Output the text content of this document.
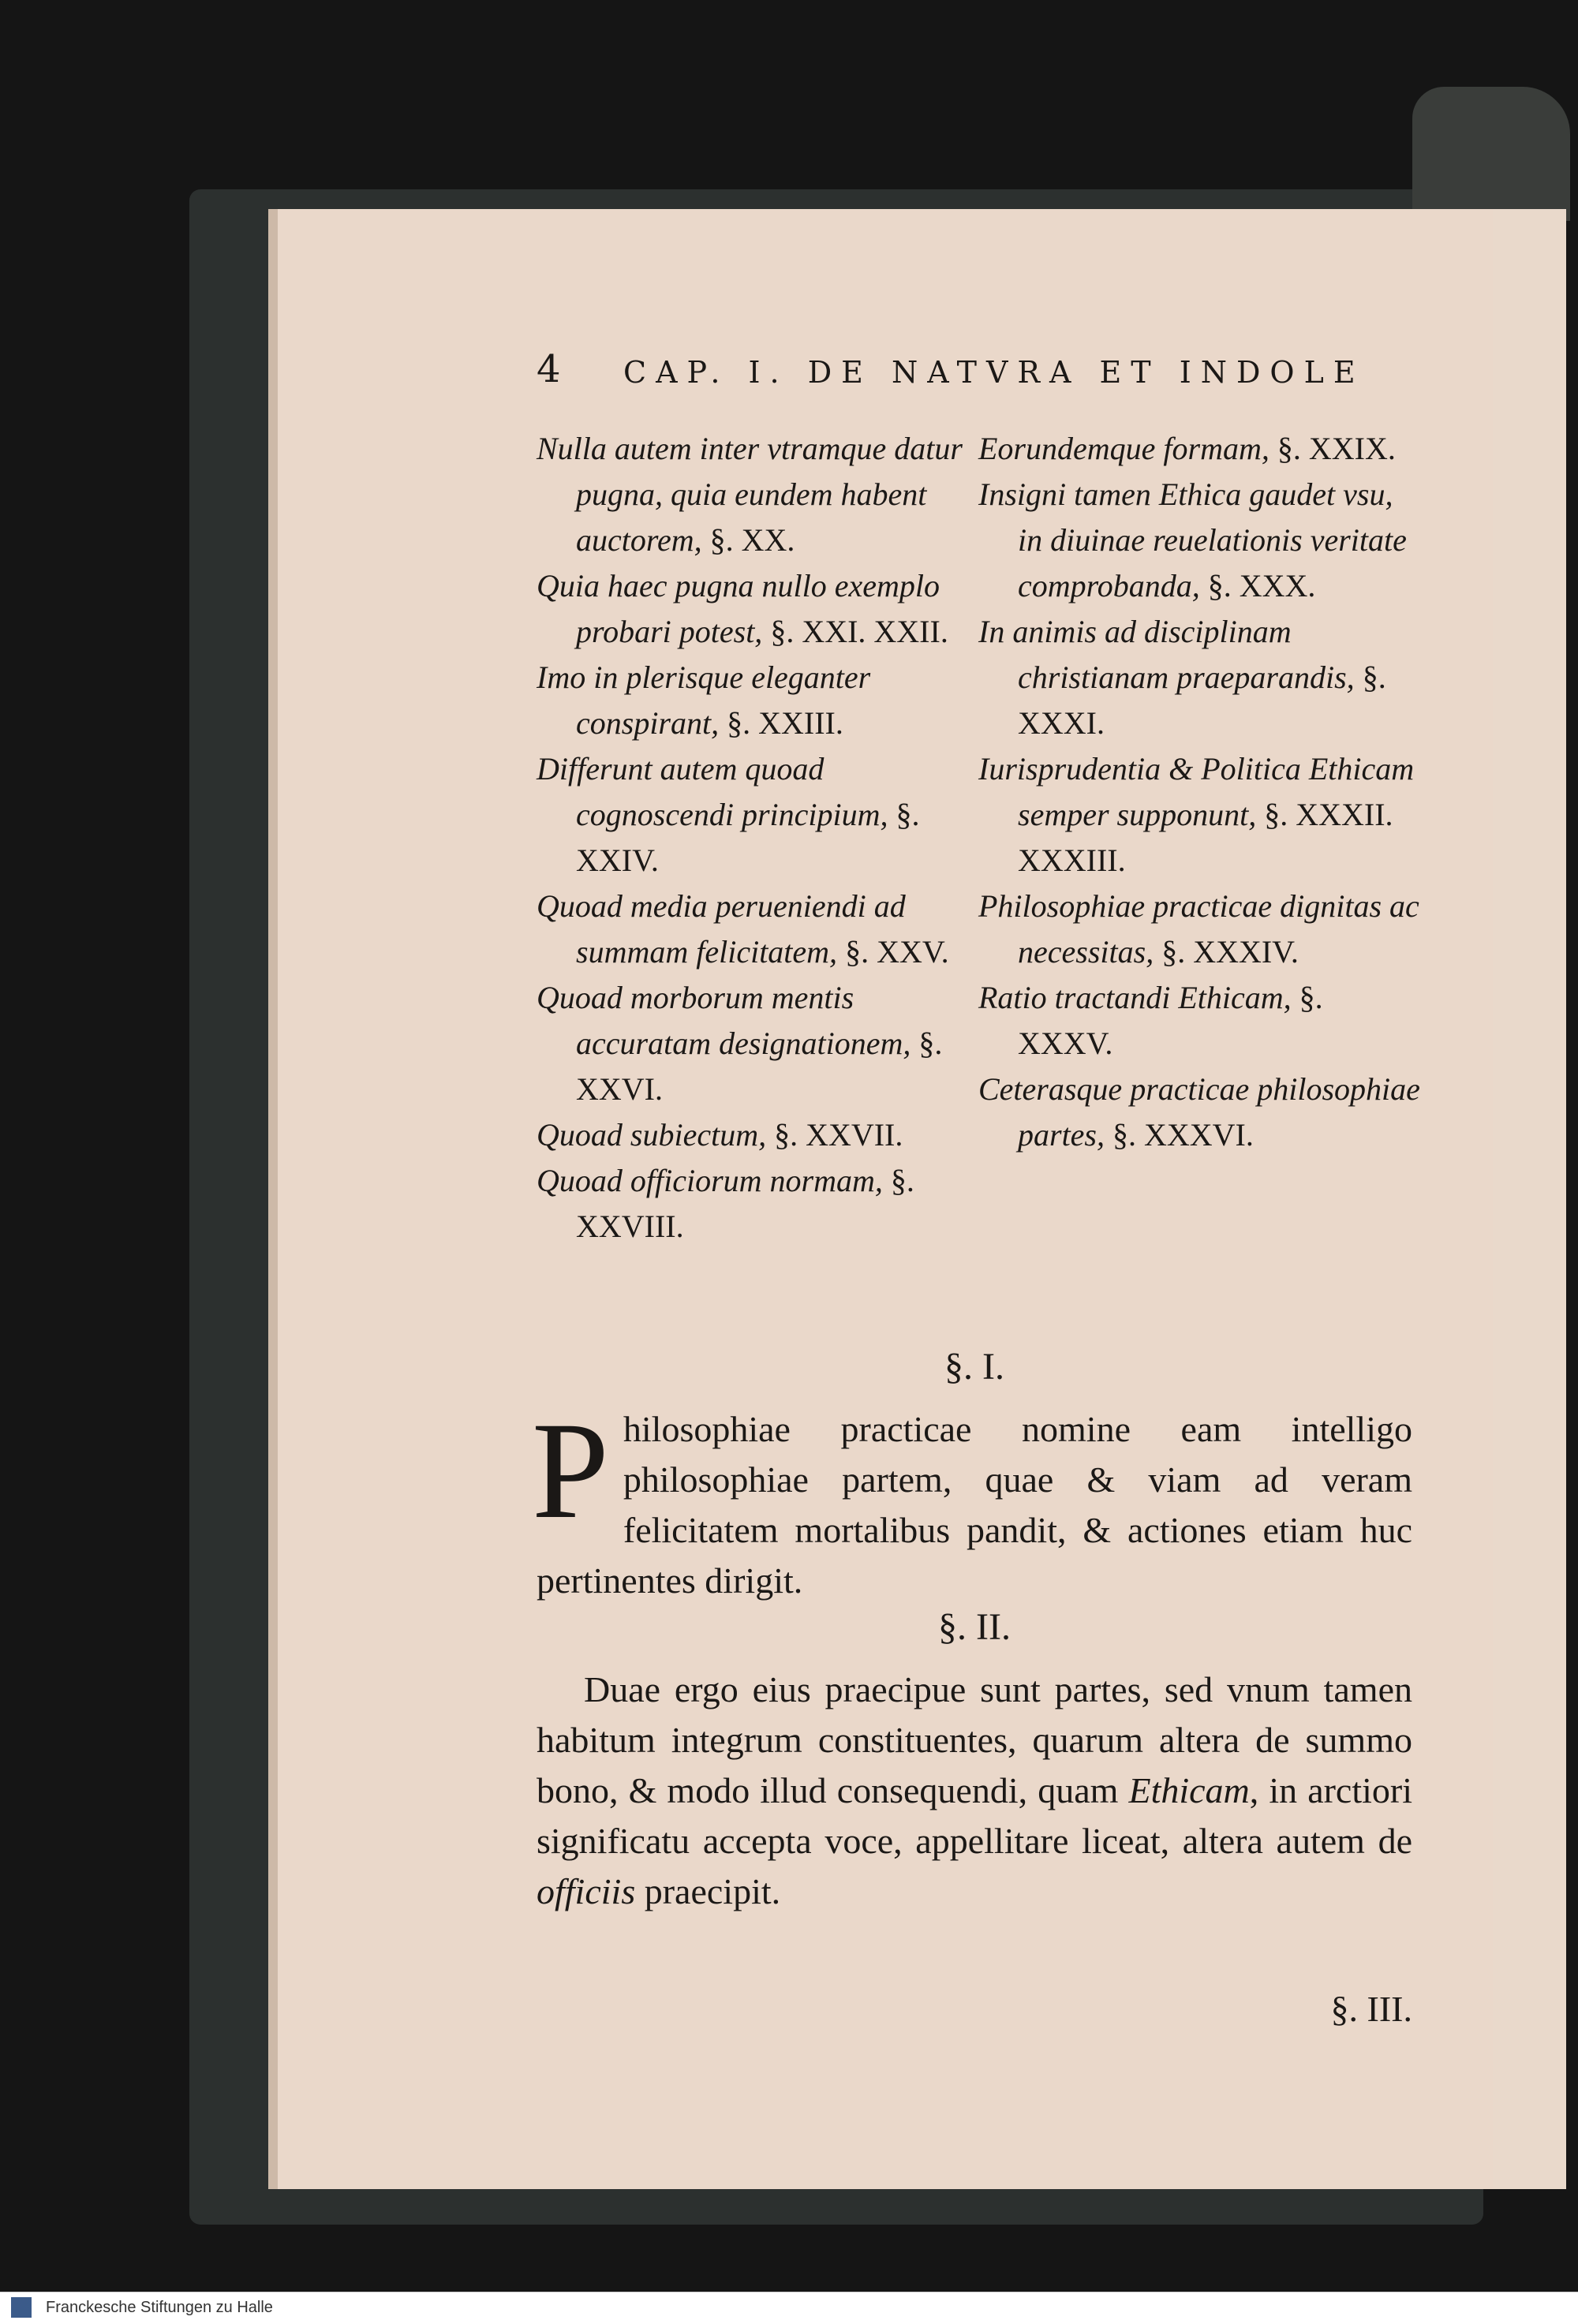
4 CAP. I. DE NATVRA ET INDOLE

Nulla autem inter vtramque datur pugna, quia eundem habent auctorem, §. XX.

Quia haec pugna nullo exemplo probari potest, §. XXI. XXII.

Imo in plerisque eleganter conspirant, §. XXIII.

Differunt autem quoad cognoscendi principium, §. XXIV.

Quoad media perueniendi ad summam felicitatem, §. XXV.

Quoad morborum mentis accuratam designationem, §. XXVI.

Quoad subiectum, §. XXVII.

Quoad officiorum normam, §. XXVIII.

Eorundemque formam, §. XXIX.

Insigni tamen Ethica gaudet vsu, in diuinae reuelationis veritate comprobanda, §. XXX.

In animis ad disciplinam christianam praeparandis, §. XXXI.

Iurisprudentia & Politica Ethicam semper supponunt, §. XXXII. XXXIII.

Philosophiae practicae dignitas ac necessitas, §. XXXIV.

Ratio tractandi Ethicam, §. XXXV.

Ceterasque practicae philosophiae partes, §. XXXVI.

§. I.
Philosophiae practicae nomine eam intelligo philosophiae partem, quae & viam ad veram felicitatem mortalibus pandit, & actiones etiam huc pertinentes dirigit.
§. II.
Duae ergo eius praecipue sunt partes, sed vnum tamen habitum integrum constituentes, quarum altera de summo bono, & modo illud consequendi, quam Ethicam, in arctiori significatu accepta voce, appellitare liceat, altera autem de officiis praecipit.
§. III.
Franckesche Stiftungen zu Halle
